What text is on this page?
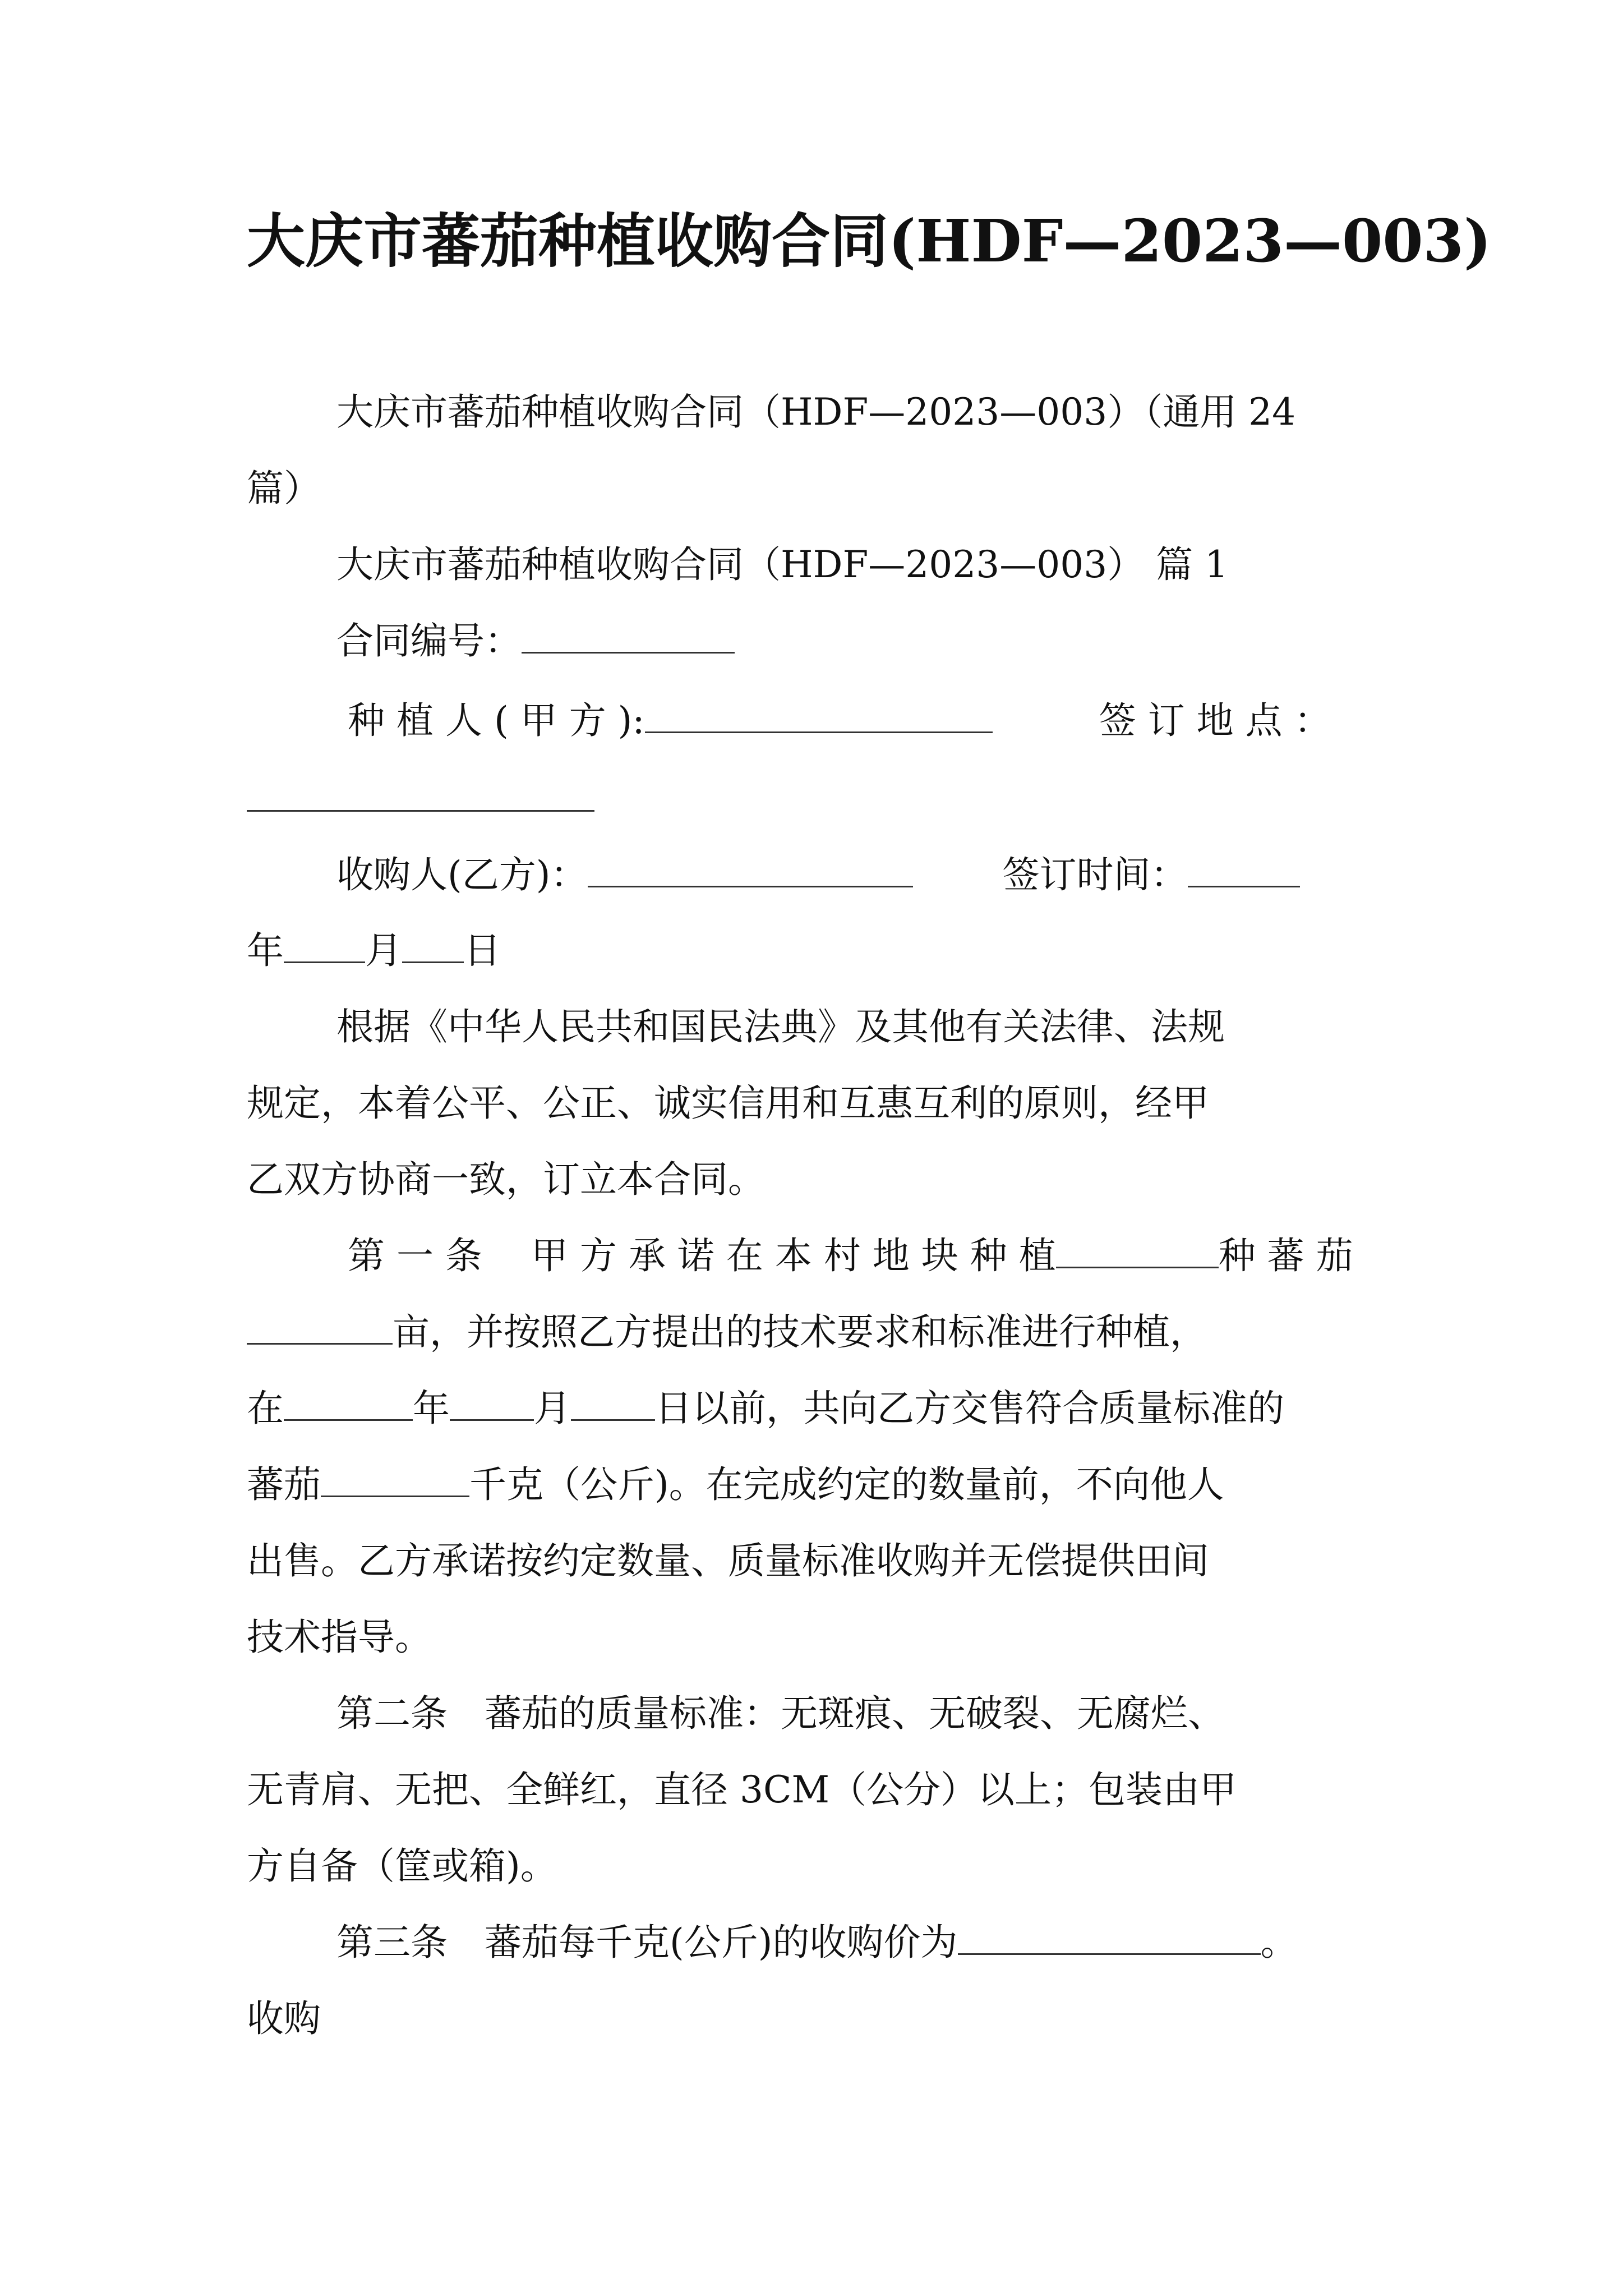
大庆市蕃茄种植收购合同(HDF—2023—003)
大庆市蕃茄种植收购合同（HDF—2023—003）（通用 24
篇）
大庆市蕃茄种植收购合同（HDF—2023—003） 篇 1
合同编号：
种 植 人 ( 甲 方 ):	签 订 地 点 ：
收购人(乙方)：	签订时间：
年 月 日
根据《中华人民共和国民法典》及其他有关法律、法规
规定，本着公平、公正、诚实信用和互惠互利的原则，经甲
乙双方协商一致，订立本合同。
第 一 条　 甲 方 承 诺 在 本 村 地 块 种 植	种 蕃 茄
亩，并按照乙方提出的技术要求和标准进行种植，
在	年 月 日以前，共向乙方交售符合质量标准的
蕃茄	千克（公斤)。在完成约定的数量前，不向他人
出售。乙方承诺按约定数量、质量标准收购并无偿提供田间
技术指导。
第二条　蕃茄的质量标准：无斑痕、无破裂、无腐烂、
无青肩、无把、全鲜红，直径 3CM（公分）以上；包装由甲
方自备（筐或箱)。
第三条　蕃茄每千克(公斤)的收购价为	。
收购
